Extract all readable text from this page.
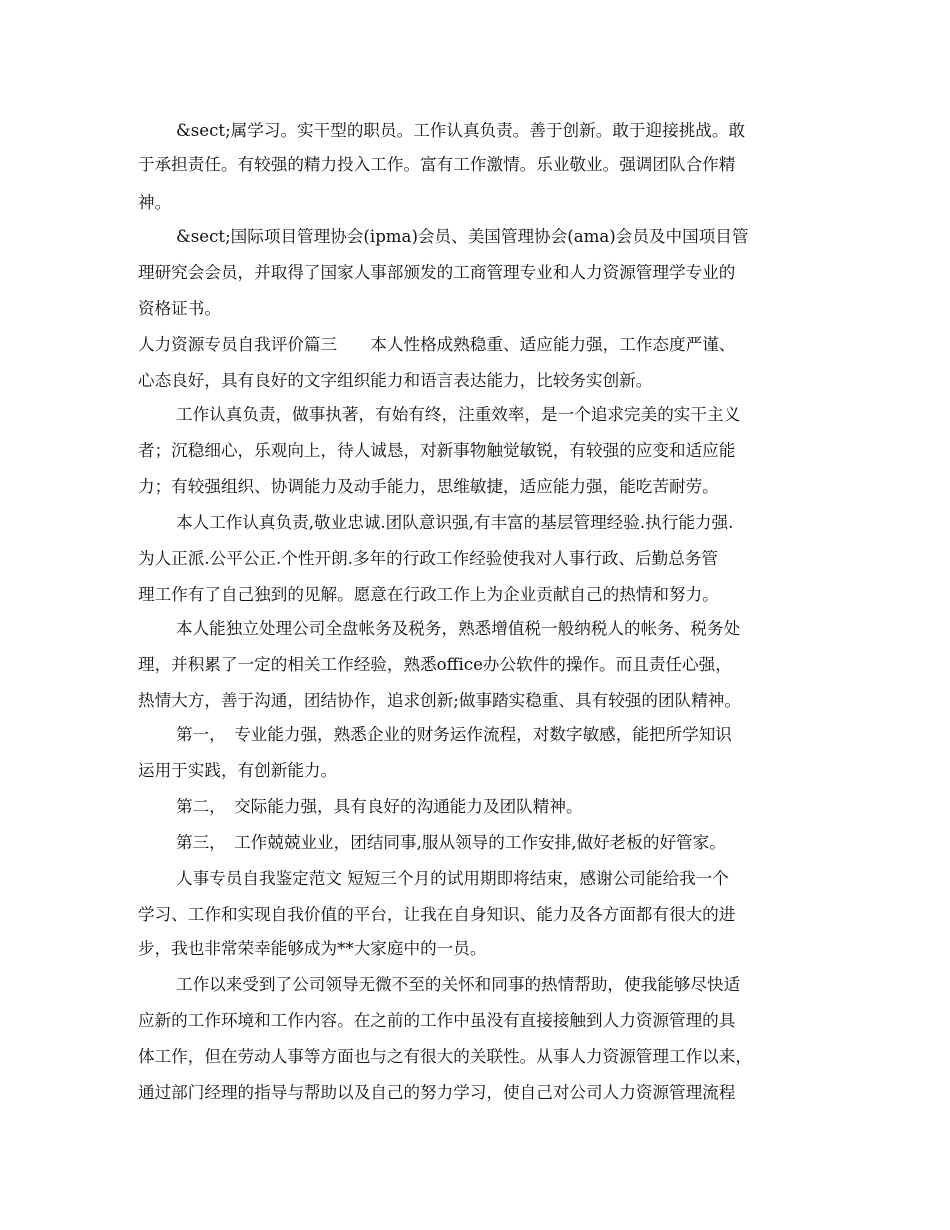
&sect;属学习。实干型的职员。工作认真负责。善于创新。敢于迎接挑战。敢
于承担责任。有较强的精力投入工作。富有工作激情。乐业敬业。强调团队合作精
神。
&sect;国际项目管理协会(ipma)会员、美国管理协会(ama)会员及中国项目管
理研究会会员，并取得了国家人事部颁发的工商管理专业和人力资源管理学专业的
资格证书。
人力资源专员自我评价篇三　　本人性格成熟稳重、适应能力强，工作态度严谨、
心态良好，具有良好的文字组织能力和语言表达能力，比较务实创新。
工作认真负责，做事执著，有始有终，注重效率，是一个追求完美的实干主义
者；沉稳细心，乐观向上，待人诚恳，对新事物触觉敏锐，有较强的应变和适应能
力；有较强组织、协调能力及动手能力，思维敏捷，适应能力强，能吃苦耐劳。
本人工作认真负责,敬业忠诚.团队意识强,有丰富的基层管理经验.执行能力强.
为人正派.公平公正.个性开朗.多年的行政工作经验使我对人事行政、后勤总务管
理工作有了自己独到的见解。愿意在行政工作上为企业贡献自己的热情和努力。
本人能独立处理公司全盘帐务及税务，熟悉增值税一般纳税人的帐务、税务处
理，并积累了一定的相关工作经验，熟悉office办公软件的操作。而且责任心强，
热情大方，善于沟通，团结协作，追求创新;做事踏实稳重、具有较强的团队精神。
第一，　专业能力强，熟悉企业的财务运作流程，对数字敏感，能把所学知识
运用于实践，有创新能力。
第二，　交际能力强，具有良好的沟通能力及团队精神。
第三，　工作兢兢业业，团结同事,服从领导的工作安排,做好老板的好管家。
人事专员自我鉴定范文 短短三个月的试用期即将结束，感谢公司能给我一个
学习、工作和实现自我价值的平台，让我在自身知识、能力及各方面都有很大的进
步，我也非常荣幸能够成为**大家庭中的一员。
工作以来受到了公司领导无微不至的关怀和同事的热情帮助，使我能够尽快适
应新的工作环境和工作内容。在之前的工作中虽没有直接接触到人力资源管理的具
体工作，但在劳动人事等方面也与之有很大的关联性。从事人力资源管理工作以来，
通过部门经理的指导与帮助以及自己的努力学习，使自己对公司人力资源管理流程
